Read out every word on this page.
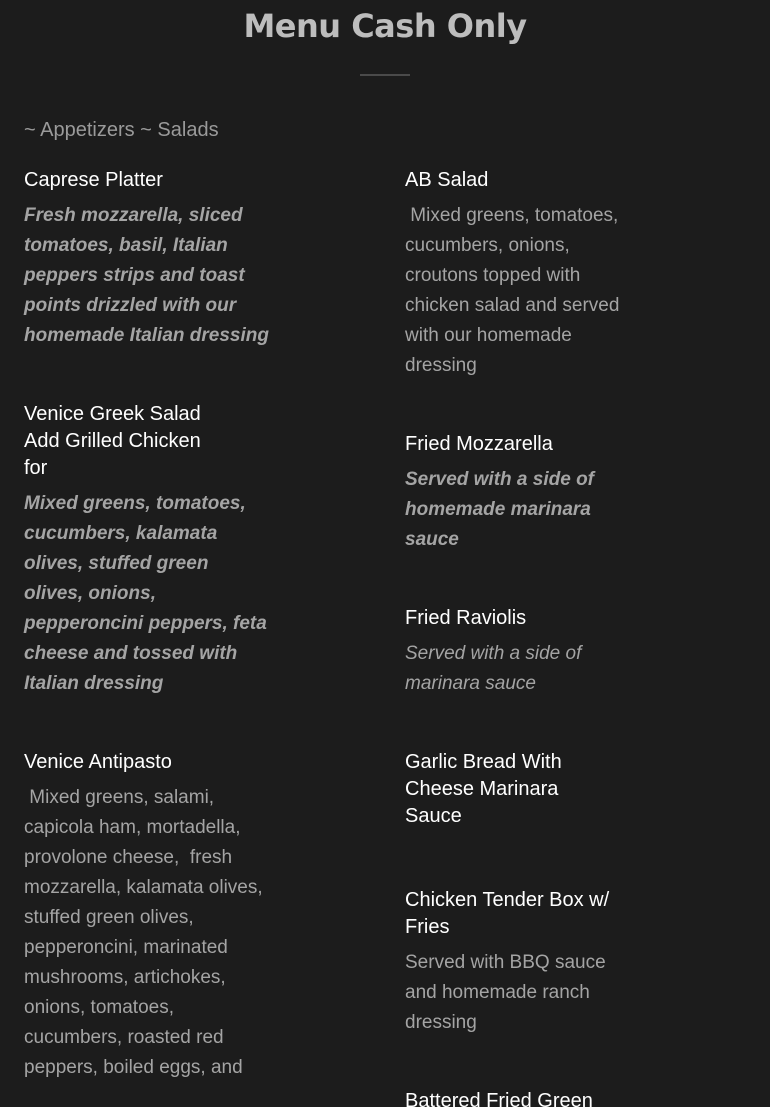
Menu Cash Only
~ Appetizers ~ Salads
Caprese Platter
Fresh mozzarella, sliced tomatoes, basil, Italian peppers strips and toast points drizzled with our homemade Italian dressing
Venice Greek Salad Add Grilled Chicken for
Mixed greens, tomatoes, cucumbers, kalamata olives, stuffed green olives, onions, pepperoncini peppers, feta cheese and tossed with Italian dressing
Venice Antipasto
Mixed greens, salami, capicola ham, mortadella, provolone cheese,  fresh mozzarella, kalamata olives, stuffed green olives, pepperoncini, marinated mushrooms, artichokes, onions, tomatoes, cucumbers, roasted red peppers, boiled eggs, and
AB Salad
Mixed greens, tomatoes, cucumbers, onions, croutons topped with chicken salad and served with our homemade dressing
Fried Mozzarella
Served with a side of homemade marinara sauce
Fried Raviolis
Served with a side of marinara sauce
Garlic Bread With Cheese Marinara Sauce
Chicken Tender Box w/ Fries
Served with BBQ sauce and homemade ranch dressing
Battered Fried Green
